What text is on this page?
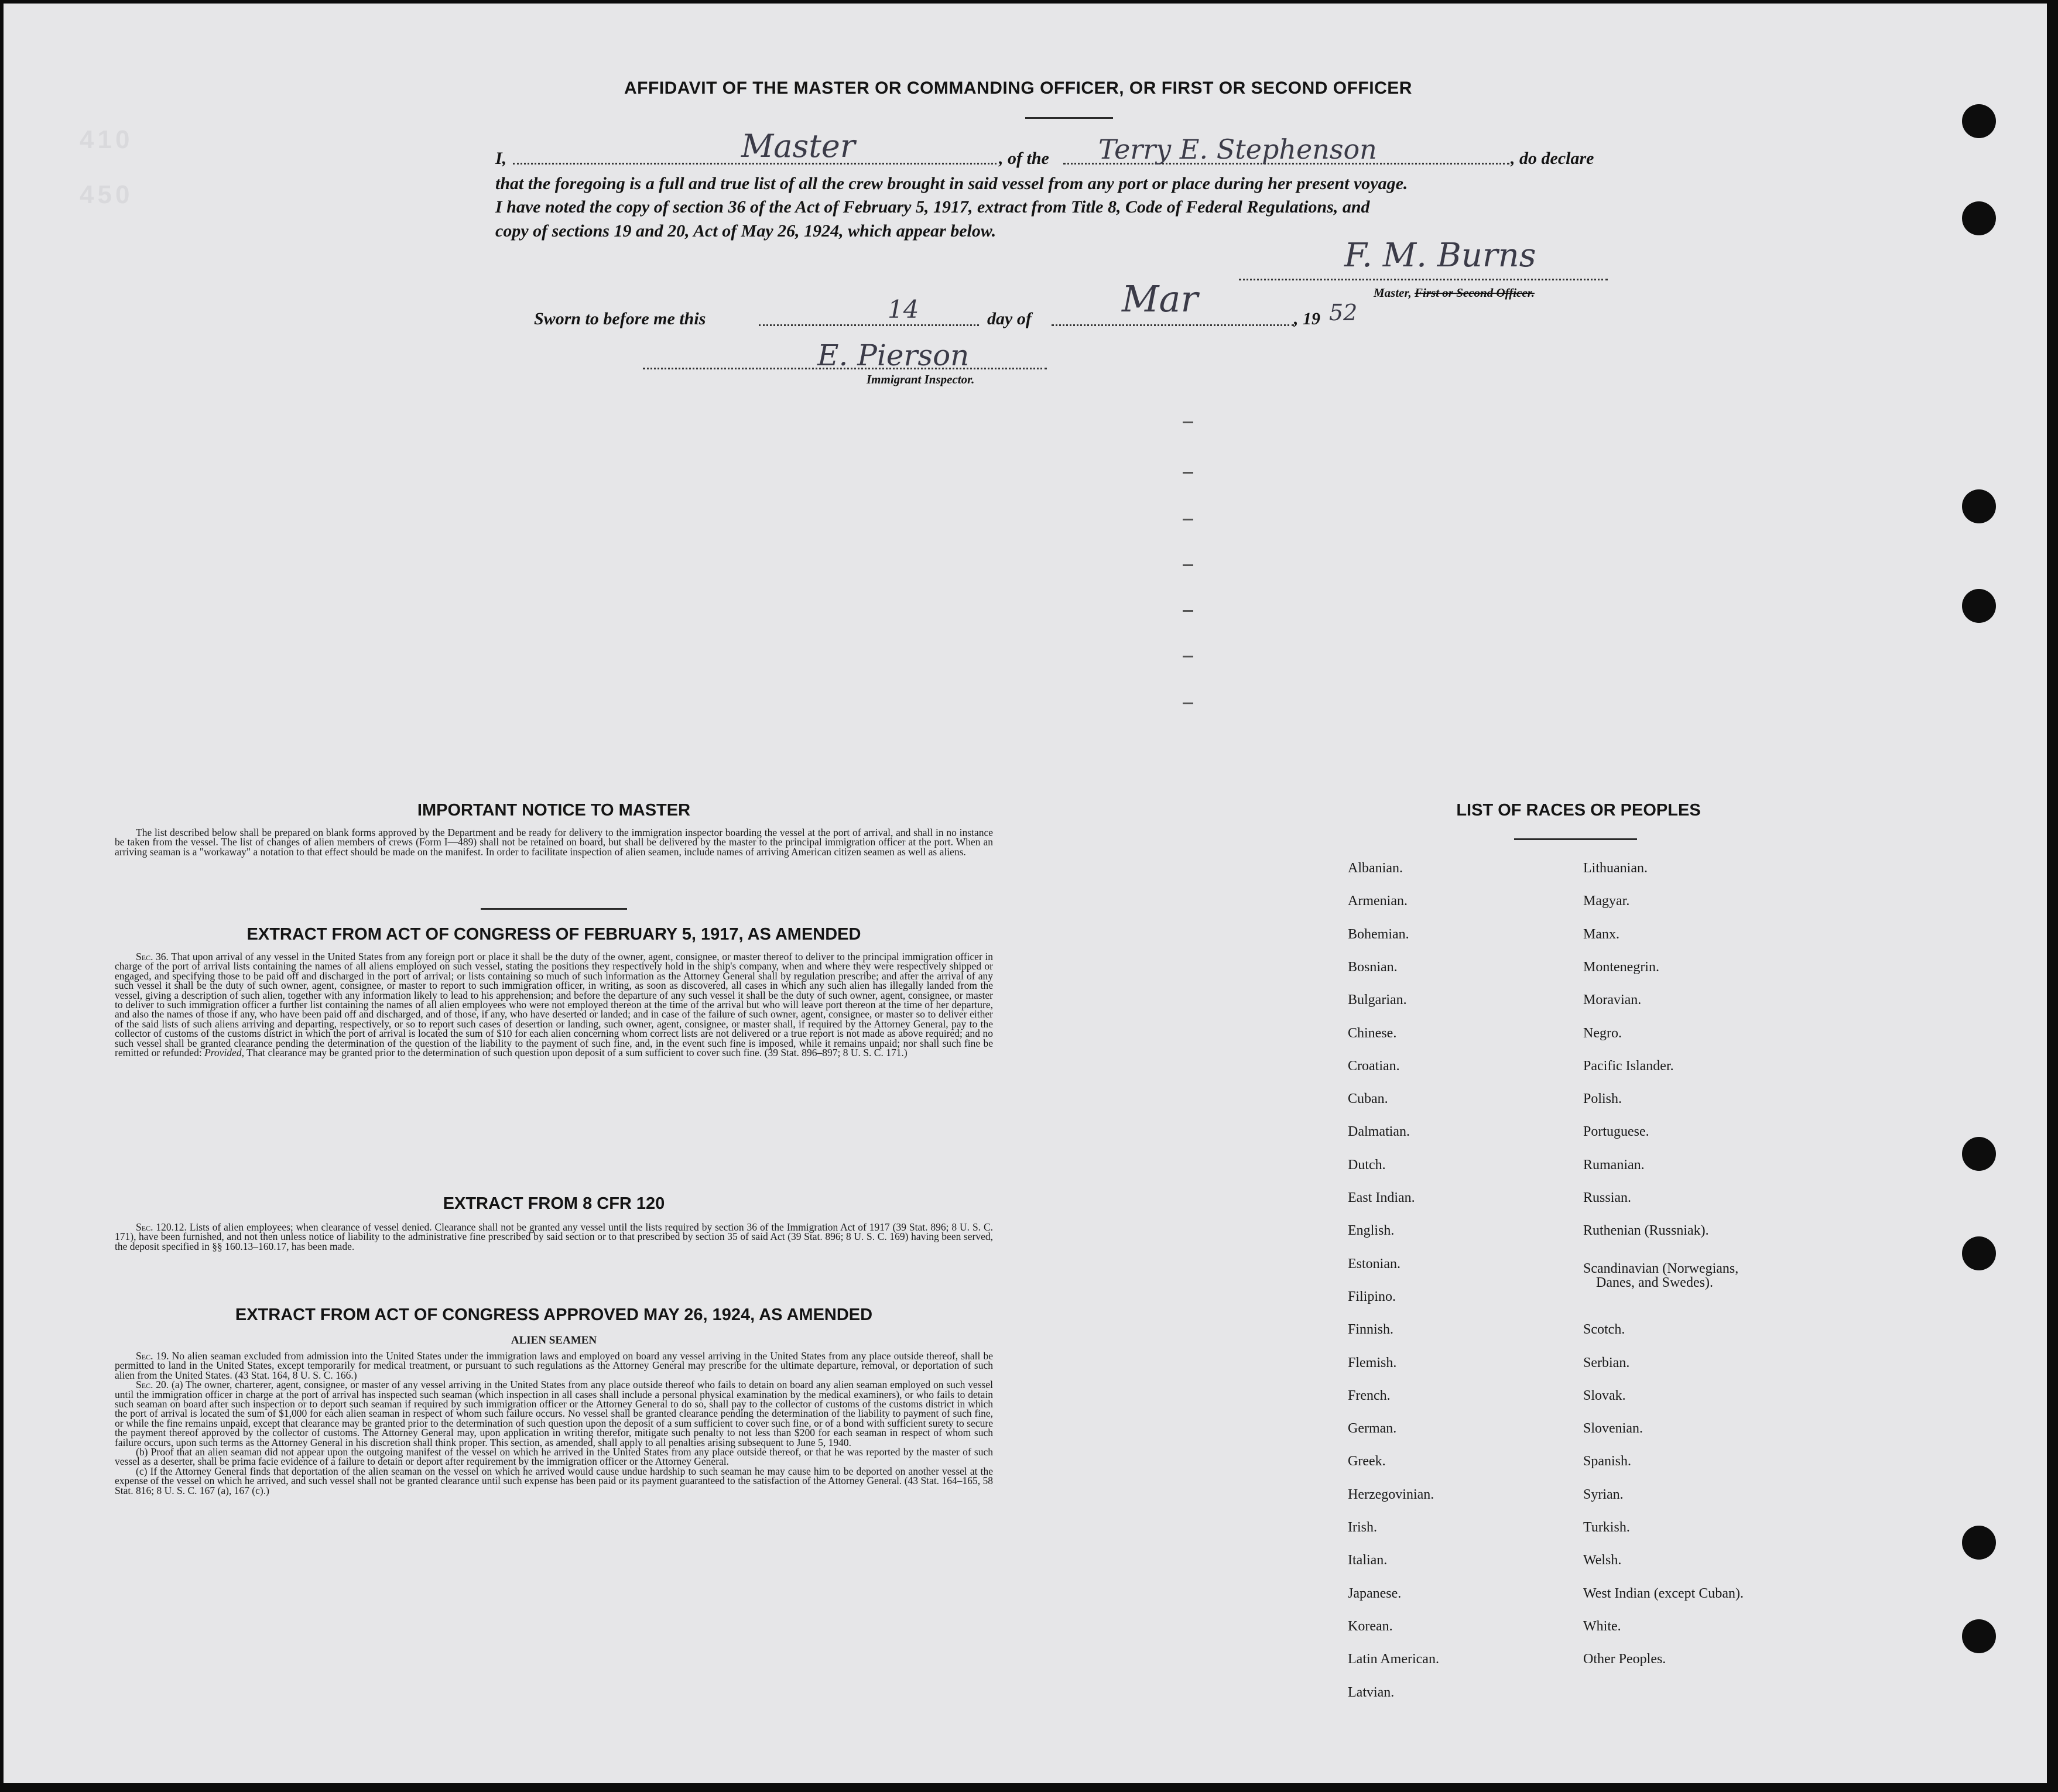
410
450
AFFIDAVIT OF THE MASTER OR COMMANDING OFFICER, OR FIRST OR SECOND OFFICER
I,	Master	, of the Terry E. Stephenson	, do declare
that the foregoing is a full and true list of all the crew brought in said vessel from any port or place during her present voyage.
I have noted the copy of section 36 of the Act of February 5, 1917, extract from Title 8, Code of Federal Regulations, and
copy of sections 19 and 20, Act of May 26, 1924, which appear below.
F. M. Burns
Master, First or Second Officer.
Sworn to before me this	14	day of Mar	, 19 52
E. Pierson
Immigrant Inspector.
IMPORTANT NOTICE TO MASTER

The list described below shall be prepared on blank forms approved by the Department and be ready for delivery to the immigration inspector boarding the vessel at the port of arrival, and shall in no instance be taken from the vessel. The list of changes of alien members of crews (Form I—489) shall not be retained on board, but shall be delivered by the master to the principal immigration officer at the port. When an arriving seaman is a "workaway" a notation to that effect should be made on the manifest. In order to facilitate inspection of alien seamen, include names of arriving American citizen seamen as well as aliens.

EXTRACT FROM ACT OF CONGRESS OF FEBRUARY 5, 1917, AS AMENDED

Sec. 36. That upon arrival of any vessel in the United States from any foreign port or place it shall be the duty of the owner, agent, consignee, or master thereof to deliver to the principal immigration officer in charge of the port of arrival lists containing the names of all aliens employed on such vessel, stating the positions they respectively hold in the ship's company, when and where they were respectively shipped or engaged, and specifying those to be paid off and discharged in the port of arrival; or lists containing so much of such information as the Attorney General shall by regulation prescribe; and after the arrival of any such vessel it shall be the duty of such owner, agent, consignee, or master to report to such immigration officer, in writing, as soon as discovered, all cases in which any such alien has illegally landed from the vessel, giving a description of such alien, together with any information likely to lead to his apprehension; and before the departure of any such vessel it shall be the duty of such owner, agent, consignee, or master to deliver to such immigration officer a further list containing the names of all alien employees who were not employed thereon at the time of the arrival but who will leave port thereon at the time of her departure, and also the names of those if any, who have been paid off and discharged, and of those, if any, who have deserted or landed; and in case of the failure of such owner, agent, consignee, or master so to deliver either of the said lists of such aliens arriving and departing, respectively, or so to report such cases of desertion or landing, such owner, agent, consignee, or master shall, if required by the Attorney General, pay to the collector of customs of the customs district in which the port of arrival is located the sum of $10 for each alien concerning whom correct lists are not delivered or a true report is not made as above required; and no such vessel shall be granted clearance pending the determination of the question of the liability to the payment of such fine, and, in the event such fine is imposed, while it remains unpaid; nor shall such fine be remitted or refunded: Provided, That clearance may be granted prior to the determination of such question upon deposit of a sum sufficient to cover such fine. (39 Stat. 896–897; 8 U. S. C. 171.)

EXTRACT FROM 8 CFR 120

Sec. 120.12. Lists of alien employees; when clearance of vessel denied. Clearance shall not be granted any vessel until the lists required by section 36 of the Immigration Act of 1917 (39 Stat. 896; 8 U. S. C. 171), have been furnished, and not then unless notice of liability to the administrative fine prescribed by said section or to that prescribed by section 35 of said Act (39 Stat. 896; 8 U. S. C. 169) having been served, the deposit specified in §§ 160.13–160.17, has been made.

EXTRACT FROM ACT OF CONGRESS APPROVED MAY 26, 1924, AS AMENDED
ALIEN SEAMEN

Sec. 19. No alien seaman excluded from admission into the United States under the immigration laws and employed on board any vessel arriving in the United States from any place outside thereof, shall be permitted to land in the United States, except temporarily for medical treatment, or pursuant to such regulations as the Attorney General may prescribe for the ultimate departure, removal, or deportation of such alien from the United States. (43 Stat. 164, 8 U. S. C. 166.)

Sec. 20. (a) The owner, charterer, agent, consignee, or master of any vessel arriving in the United States from any place outside thereof who fails to detain on board any alien seaman employed on such vessel until the immigration officer in charge at the port of arrival has inspected such seaman (which inspection in all cases shall include a personal physical examination by the medical examiners), or who fails to detain such seaman on board after such inspection or to deport such seaman if required by such immigration officer or the Attorney General to do so, shall pay to the collector of customs of the customs district in which the port of arrival is located the sum of $1,000 for each alien seaman in respect of whom such failure occurs. No vessel shall be granted clearance pending the determination of the liability to payment of such fine, or while the fine remains unpaid, except that clearance may be granted prior to the determination of such question upon the deposit of a sum sufficient to cover such fine, or of a bond with sufficient surety to secure the payment thereof approved by the collector of customs. The Attorney General may, upon application in writing therefor, mitigate such penalty to not less than $200 for each seaman in respect of whom such failure occurs, upon such terms as the Attorney General in his discretion shall think proper. This section, as amended, shall apply to all penalties arising subsequent to June 5, 1940.

(b) Proof that an alien seaman did not appear upon the outgoing manifest of the vessel on which he arrived in the United States from any place outside thereof, or that he was reported by the master of such vessel as a deserter, shall be prima facie evidence of a failure to detain or deport after requirement by the immigration officer or the Attorney General.

(c) If the Attorney General finds that deportation of the alien seaman on the vessel on which he arrived would cause undue hardship to such seaman he may cause him to be deported on another vessel at the expense of the vessel on which he arrived, and such vessel shall not be granted clearance until such expense has been paid or its payment guaranteed to the satisfaction of the Attorney General. (43 Stat. 164–165, 58 Stat. 816; 8 U. S. C. 167 (a), 167 (c).)

LIST OF RACES OR PEOPLES
Albanian.
Armenian.
Bohemian.
Bosnian.
Bulgarian.
Chinese.
Croatian.
Cuban.
Dalmatian.
Dutch.
East Indian.
English.
Estonian.
Filipino.
Finnish.
Flemish.
French.
German.
Greek.
Herzegovinian.
Irish.
Italian.
Japanese.
Korean.
Latin American.
Latvian.
Lithuanian.
Magyar.
Manx.
Montenegrin.
Moravian.
Negro.
Pacific Islander.
Polish.
Portuguese.
Rumanian.
Russian.
Ruthenian (Russniak).
Scandinavian (Norwegians,
Danes, and Swedes).
Scotch.
Serbian.
Slovak.
Slovenian.
Spanish.
Syrian.
Turkish.
Welsh.
West Indian (except Cuban).
White.
Other Peoples.
